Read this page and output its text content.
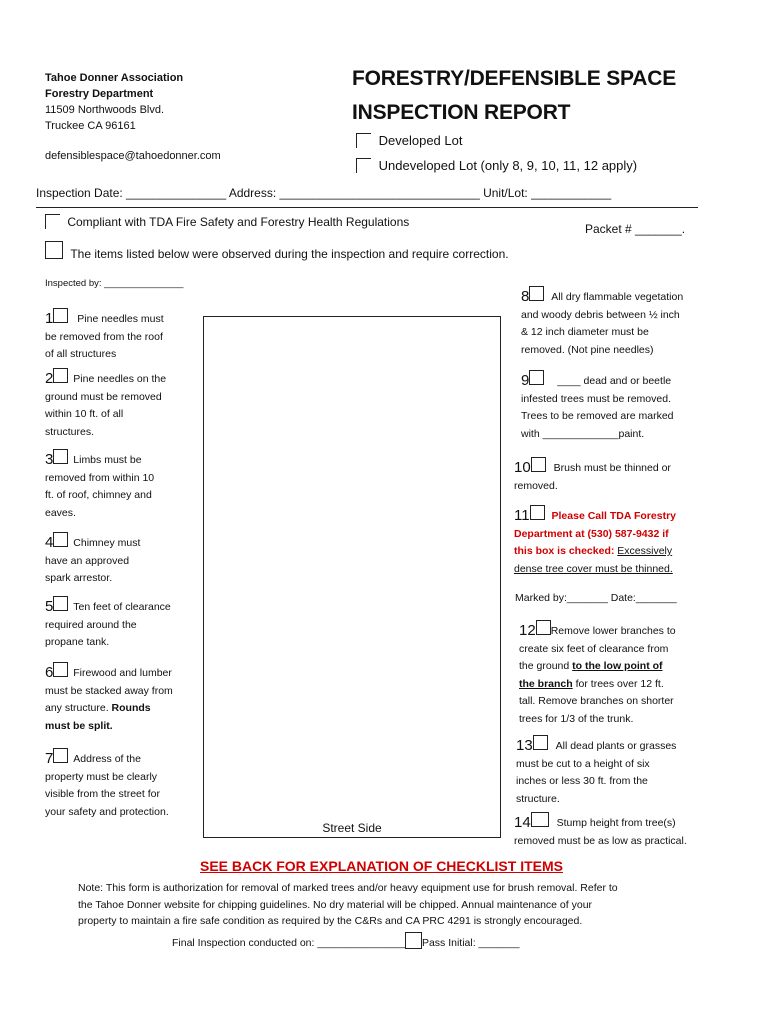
Tahoe Donner Association
Forestry Department
11509 Northwoods Blvd.
Truckee CA 96161
defensiblespace@tahoedonner.com
FORESTRY/DEFENSIBLE SPACE
INSPECTION REPORT
Developed Lot
Undeveloped Lot (only 8, 9, 10, 11, 12 apply)
Inspection Date: _______________ Address: ______________________________ Unit/Lot: ____________
Compliant with TDA Fire Safety and Forestry Health Regulations	Packet # _______.
The items listed below were observed during the inspection and require correction.
Inspected by: _______________
1 Pine needles must
be removed from the roof
of all structures
2 Pine needles on the
ground must be removed
within 10 ft. of all
structures.
3 Limbs must be
removed from within 10
ft. of roof, chimney and
eaves.
4 Chimney must
have an approved
spark arrestor.
5 Ten feet of clearance
required around the
propane tank.
6 Firewood and lumber
must be stacked away from
any structure. Rounds
must be split.
7 Address of the
property must be clearly
visible from the street for
your safety and protection.
Street Side
8 All dry flammable vegetation
and woody debris between ½ inch
& 12 inch diameter must be
removed. (Not pine needles)
9	____ dead and or beetle
infested trees must be removed.
Trees to be removed are marked
with _____________paint.
10 Brush must be thinned or
removed.
11 Please Call TDA Forestry
Department at (530) 587-9432 if
this box is checked: Excessively
dense tree cover must be thinned.
Marked by:_______ Date:_______
12 Remove lower branches to
create six feet of clearance from
the ground to the low point of
the branch for trees over 12 ft.
tall. Remove branches on shorter
trees for 1/3 of the trunk.
13 All dead plants or grasses
must be cut to a height of six
inches or less 30 ft. from the
structure.
14 Stump height from tree(s)
removed must be as low as practical.
SEE BACK FOR EXPLANATION OF CHECKLIST ITEMS
Note: This form is authorization for removal of marked trees and/or heavy equipment use for brush removal. Refer to
the Tahoe Donner website for chipping guidelines. No dry material will be chipped. Annual maintenance of your
property to maintain a fire safe condition as required by the C&Rs and CA PRC 4291 is strongly encouraged.
Final Inspection conducted on: _______________ Pass Initial: _______
